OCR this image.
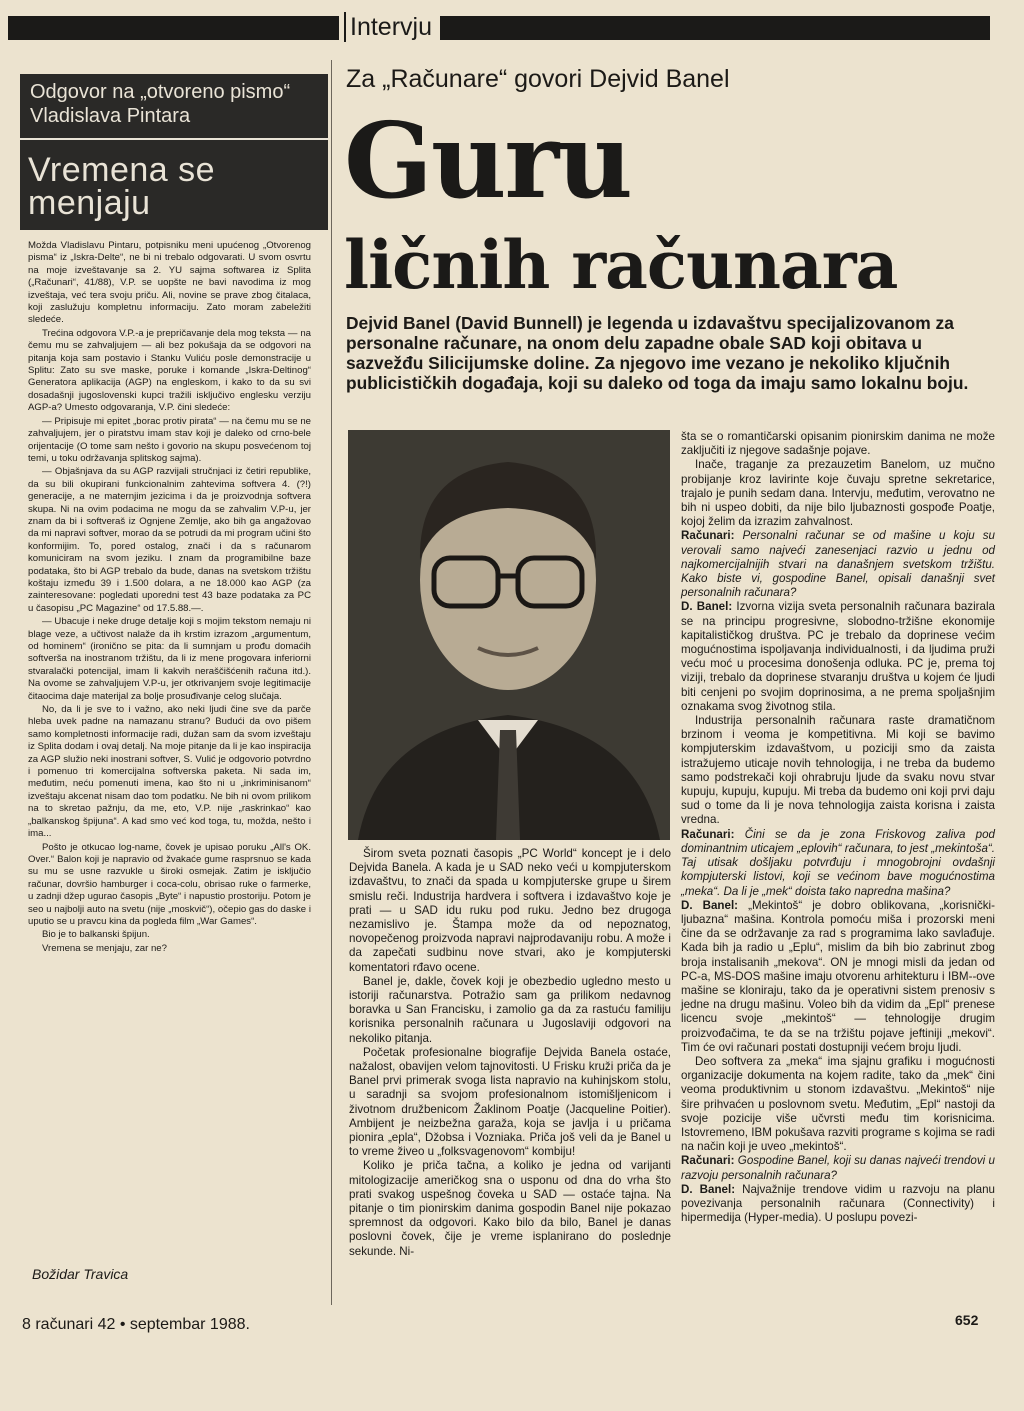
Intervju
Odgovor na „otvoreno pismo“ Vladislava Pintara
Vremena se menjaju

Možda Vladislavu Pintaru, potpisniku meni upućenog „Otvorenog pisma“ iz „Iskra-Delte“, ne bi ni trebalo odgovarati. U svom osvrtu na moje izveštavanje sa 2. YU sajma softwarea iz Splita („Računari“, 41/88), V.P. se uopšte ne bavi navodima iz mog izveštaja, već tera svoju priču. Ali, novine se prave zbog čitalaca, koji zaslužuju kompletnu informaciju. Zato moram zabeležiti sledeće.

Trećina odgovora V.P.-a je prepričavanje dela mog teksta — na čemu mu se zahvaljujem — ali bez pokušaja da se odgovori na pitanja koja sam postavio i Stanku Vuliću posle demonstracije u Splitu: Zato su sve maske, poruke i komande „Iskra-Deltinog“ Generatora aplikacija (AGP) na engleskom, i kako to da su svi dosadašnji jugoslovenski kupci tražili isključivo englesku verziju AGP-a? Umesto odgovaranja, V.P. čini sledeće:

— Pripisuje mi epitet „borac protiv pirata“ — na čemu mu se ne zahvaljujem, jer o piratstvu imam stav koji je daleko od crno-bele orijentacije (O tome sam nešto i govorio na skupu posvećenom toj temi, u toku održavanja splitskog sajma).

— Objašnjava da su AGP razvijali stručnjaci iz četiri republike, da su bili okupirani funkcionalnim zahtevima softvera 4. (?!) generacije, a ne maternjim jezicima i da je proizvodnja softvera skupa. Ni na ovim podacima ne mogu da se zahvalim V.P-u, jer znam da bi i softveraš iz Ognjene Zemlje, ako bih ga angažovao da mi napravi softver, morao da se potrudi da mi program učini što konformijim. To, pored ostalog, znači i da s računarom komuniciram na svom jeziku. I znam da programibilne baze podataka, što bi AGP trebalo da bude, danas na svetskom tržištu koštaju između 39 i 1.500 dolara, a ne 18.000 kao AGP (za zainteresovane: pogledati uporedni test 43 baze podataka za PC u časopisu „PC Magazine“ od 17.5.88.—.

— Ubacuje i neke druge detalje koji s mojim tekstom nemaju ni blage veze, a učtivost nalaže da ih krstim izrazom „argumentum, od hominem“ (ironično se pita: da li sumnjam u prođu domaćih softverša na inostranom tržištu, da li iz mene progovara inferiorni stvaralački potencijal, imam li kakvih neraščišćenih računa itd.). Na ovome se zahvaljujem V.P-u, jer otkrivanjem svoje legitimacije čitaocima daje materijal za bolje prosuđivanje celog slučaja.

No, da li je sve to i važno, ako neki ljudi čine sve da parče hleba uvek padne na namazanu stranu? Budući da ovo pišem samo kompletnosti informacije radi, dužan sam da svom izveštaju iz Splita dodam i ovaj detalj. Na moje pitanje da li je kao inspiracija za AGP služio neki inostrani softver, S. Vulić je odgovorio potvrdno i pomenuo tri komercijalna softverska paketa. Ni sada im, međutim, neću pomenuti imena, kao što ni u „inkriminisanom“ izveštaju akcenat nisam dao tom podatku. Ne bih ni ovom prilikom na to skretao pažnju, da me, eto, V.P. nije „raskrinkao“ kao „balkanskog špijuna“. A kad smo već kod toga, tu, možda, nešto i ima...

Pošto je otkucao log-name, čovek je upisao poruku „All's OK. Over.“ Balon koji je napravio od žvakaće gume rasprsnuo se kada su mu se usne razvukle u široki osmejak. Zatim je isključio računar, dovršio hamburger i coca-colu, obrisao ruke o farmerke, u zadnji džep ugurao časopis „Byte“ i napustio prostoriju. Potom je seo u najbolji auto na svetu (nije „moskvič“), očepio gas do daske i uputio se u pravcu kina da pogleda film „War Games“.

Bio je to balkanski špijun.

Vremena se menjaju, zar ne?

Božidar Travica
Za „Računare“ govori Dejvid Banel
Guru
ličnih računara
Dejvid Banel (David Bunnell) je legenda u izdavaštvu specijalizovanom za personalne računare, na onom delu zapadne obale SAD koji obitava u sazvežđu Silicijumske doline. Za njegovo ime vezano je nekoliko ključnih publicističkih događaja, koji su daleko od toga da imaju samo lokalnu boju.

Širom sveta poznati časopis „PC World“ koncept je i delo Dejvida Banela. A kada je u SAD neko veći u kompjuterskom izdavaštvu, to znači da spada u kompjuterske grupe u širem smislu reči. Industrija hardvera i softvera i izdavaštvo koje je prati — u SAD idu ruku pod ruku. Jedno bez drugoga nezamislivo je. Štampa može da od nepoznatog, novopečenog proizvoda napravi najprodavaniju robu. A može i da zapečati sudbinu nove stvari, ako je kompjuterski komentatori rđavo ocene.

Banel je, dakle, čovek koji je obezbedio ugledno mesto u istoriji računarstva. Potražio sam ga prilikom nedavnog boravka u San Francisku, i zamolio ga da za rastuću familiju korisnika personalnih računara u Jugoslaviji odgovori na nekoliko pitanja.

Početak profesionalne biografije Dejvida Banela ostaće, nažalost, obavijen velom tajnovitosti. U Frisku kruži priča da je Banel prvi primerak svoga lista napravio na kuhinjskom stolu, u saradnji sa svojom profesionalnom istomišljenicom i životnom družbenicom Žaklinom Poatje (Jacqueline Poitier). Ambijent je neizbežna garaža, koja se javlja i u pričama pionira „epla“, Džobsa i Vozniaka. Priča još veli da je Banel u to vreme živeo u „folksvagenovom“ kombiju!

Koliko je priča tačna, a koliko je jedna od varijanti mitologizacije američkog sna o usponu od dna do vrha što prati svakog uspešnog čoveka u SAD — ostaće tajna. Na pitanje o tim pionirskim danima gospodin Banel nije pokazao spremnost da odgovori. Kako bilo da bilo, Banel je danas poslovni čovek, čije je vreme isplanirano do poslednje sekunde. Ni-

šta se o romantičarski opisanim pionirskim danima ne može zaključiti iz njegove sadašnje pojave.

Inače, traganje za prezauzetim Banelom, uz mučno probijanje kroz lavirinte koje čuvaju spretne sekretarice, trajalo je punih sedam dana. Intervju, međutim, verovatno ne bih ni uspeo dobiti, da nije bilo ljubaznosti gospođe Poatje, kojoj želim da izrazim zahvalnost.

Računari: Personalni računar se od mašine u koju su verovali samo najveći zanesenjaci razvio u jednu od najkomercijalnijih stvari na današnjem svetskom tržištu. Kako biste vi, gospodine Banel, opisali današnji svet personalnih računara?

D. Banel: Izvorna vizija sveta personalnih računara bazirala se na principu progresivne, slobodno-tržišne ekonomije kapitalističkog društva. PC je trebalo da doprinese većim mogućnostima ispoljavanja individualnosti, i da ljudima pruži veću moć u procesima donošenja odluka. PC je, prema toj viziji, trebalo da doprinese stvaranju društva u kojem će ljudi biti cenjeni po svojim doprinosima, a ne prema spoljašnjim oznakama svog životnog stila.

Industrija personalnih računara raste dramatičnom brzinom i veoma je kompetitivna. Mi koji se bavimo kompjuterskim izdavaštvom, u poziciji smo da zaista istražujemo uticaje novih tehnologija, i ne treba da budemo samo podstrekači koji ohrabruju ljude da svaku novu stvar kupuju, kupuju, kupuju. Mi treba da budemo oni koji prvi daju sud o tome da li je nova tehnologija zaista korisna i zaista vredna.

Računari: Čini se da je zona Friskovog zaliva pod dominantnim uticajem „eplovih“ računara, to jest „mekintoša“. Taj utisak došljaku potvrđuju i mnogobrojni ovdašnji kompjuterski listovi, koji se većinom bave mogućnostima „meka“. Da li je „mek“ doista tako napredna mašina?

D. Banel: „Mekintoš“ je dobro oblikovana, „korisnički-ljubazna“ mašina. Kontrola pomoću miša i prozorski meni čine da se održavanje za rad s programima lako savlađuje. Kada bih ja radio u „Eplu“, mislim da bih bio zabrinut zbog broja instalisanih „mekova“. ON je mnogi misli da jedan od PC-a, MS-DOS mašine imaju otvorenu arhitekturu i IBM--ove mašine se kloniraju, tako da je operativni sistem prenosiv s jedne na drugu mašinu. Voleo bih da vidim da „Epl“ prenese licencu svoje „mekintoš“ — tehnologije drugim proizvođačima, te da se na tržištu pojave jeftiniji „mekovi“. Tim će ovi računari postati dostupniji većem broju ljudi.

Deo softvera za „meka“ ima sjajnu grafiku i mogućnosti organizacije dokumenta na kojem radite, tako da „mek“ čini veoma produktivnim u stonom izdavaštvu. „Mekintoš“ nije šire prihvaćen u poslovnom svetu. Međutim, „Epl“ nastoji da svoje pozicije više učvrsti među tim korisnicima. Istovremeno, IBM pokušava razviti programe s kojima se radi na način koji je uveo „mekintoš“.

Računari: Gospodine Banel, koji su danas najveći trendovi u razvoju personalnih računara?

D. Banel: Najvažnije trendove vidim u razvoju na planu povezivanja personalnih računara (Connectivity) i hipermedija (Hyper-media). U poslupu povezi-

8 računari 42 • septembar 1988.	652
